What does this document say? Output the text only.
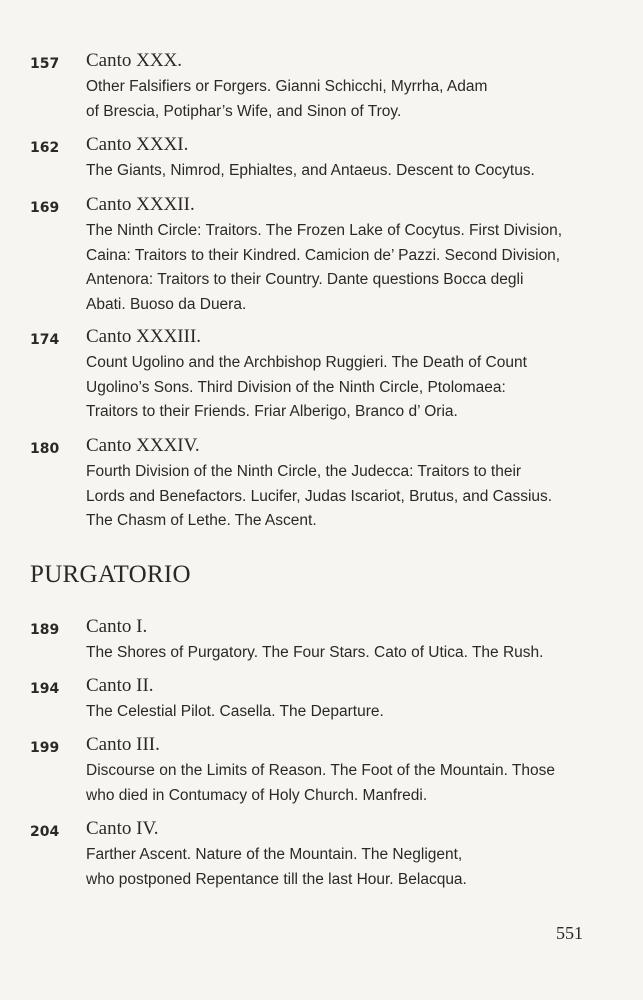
157 Canto XXX.
Other Falsifiers or Forgers. Gianni Schicchi, Myrrha, Adam
of Brescia, Potiphar’s Wife, and Sinon of Troy.
162 Canto XXXI.
The Giants, Nimrod, Ephialtes, and Antaeus. Descent to Cocytus.
169 Canto XXXII.
The Ninth Circle: Traitors. The Frozen Lake of Cocytus. First Division,
Caina: Traitors to their Kindred. Camicion de’ Pazzi. Second Division,
Antenora: Traitors to their Country. Dante questions Bocca degli
Abati. Buoso da Duera.
174 Canto XXXIII.
Count Ugolino and the Archbishop Ruggieri. The Death of Count
Ugolino’s Sons. Third Division of the Ninth Circle, Ptolomaea:
Traitors to their Friends. Friar Alberigo, Branco d’ Oria.
180 Canto XXXIV.
Fourth Division of the Ninth Circle, the Judecca: Traitors to their
Lords and Benefactors. Lucifer, Judas Iscariot, Brutus, and Cassius.
The Chasm of Lethe. The Ascent.
PURGATORIO
189 Canto I.
The Shores of Purgatory. The Four Stars. Cato of Utica. The Rush.
194 Canto II.
The Celestial Pilot. Casella. The Departure.
199 Canto III.
Discourse on the Limits of Reason. The Foot of the Mountain. Those
who died in Contumacy of Holy Church. Manfredi.
204 Canto IV.
Farther Ascent. Nature of the Mountain. The Negligent,
who postponed Repentance till the last Hour. Belacqua.
551
